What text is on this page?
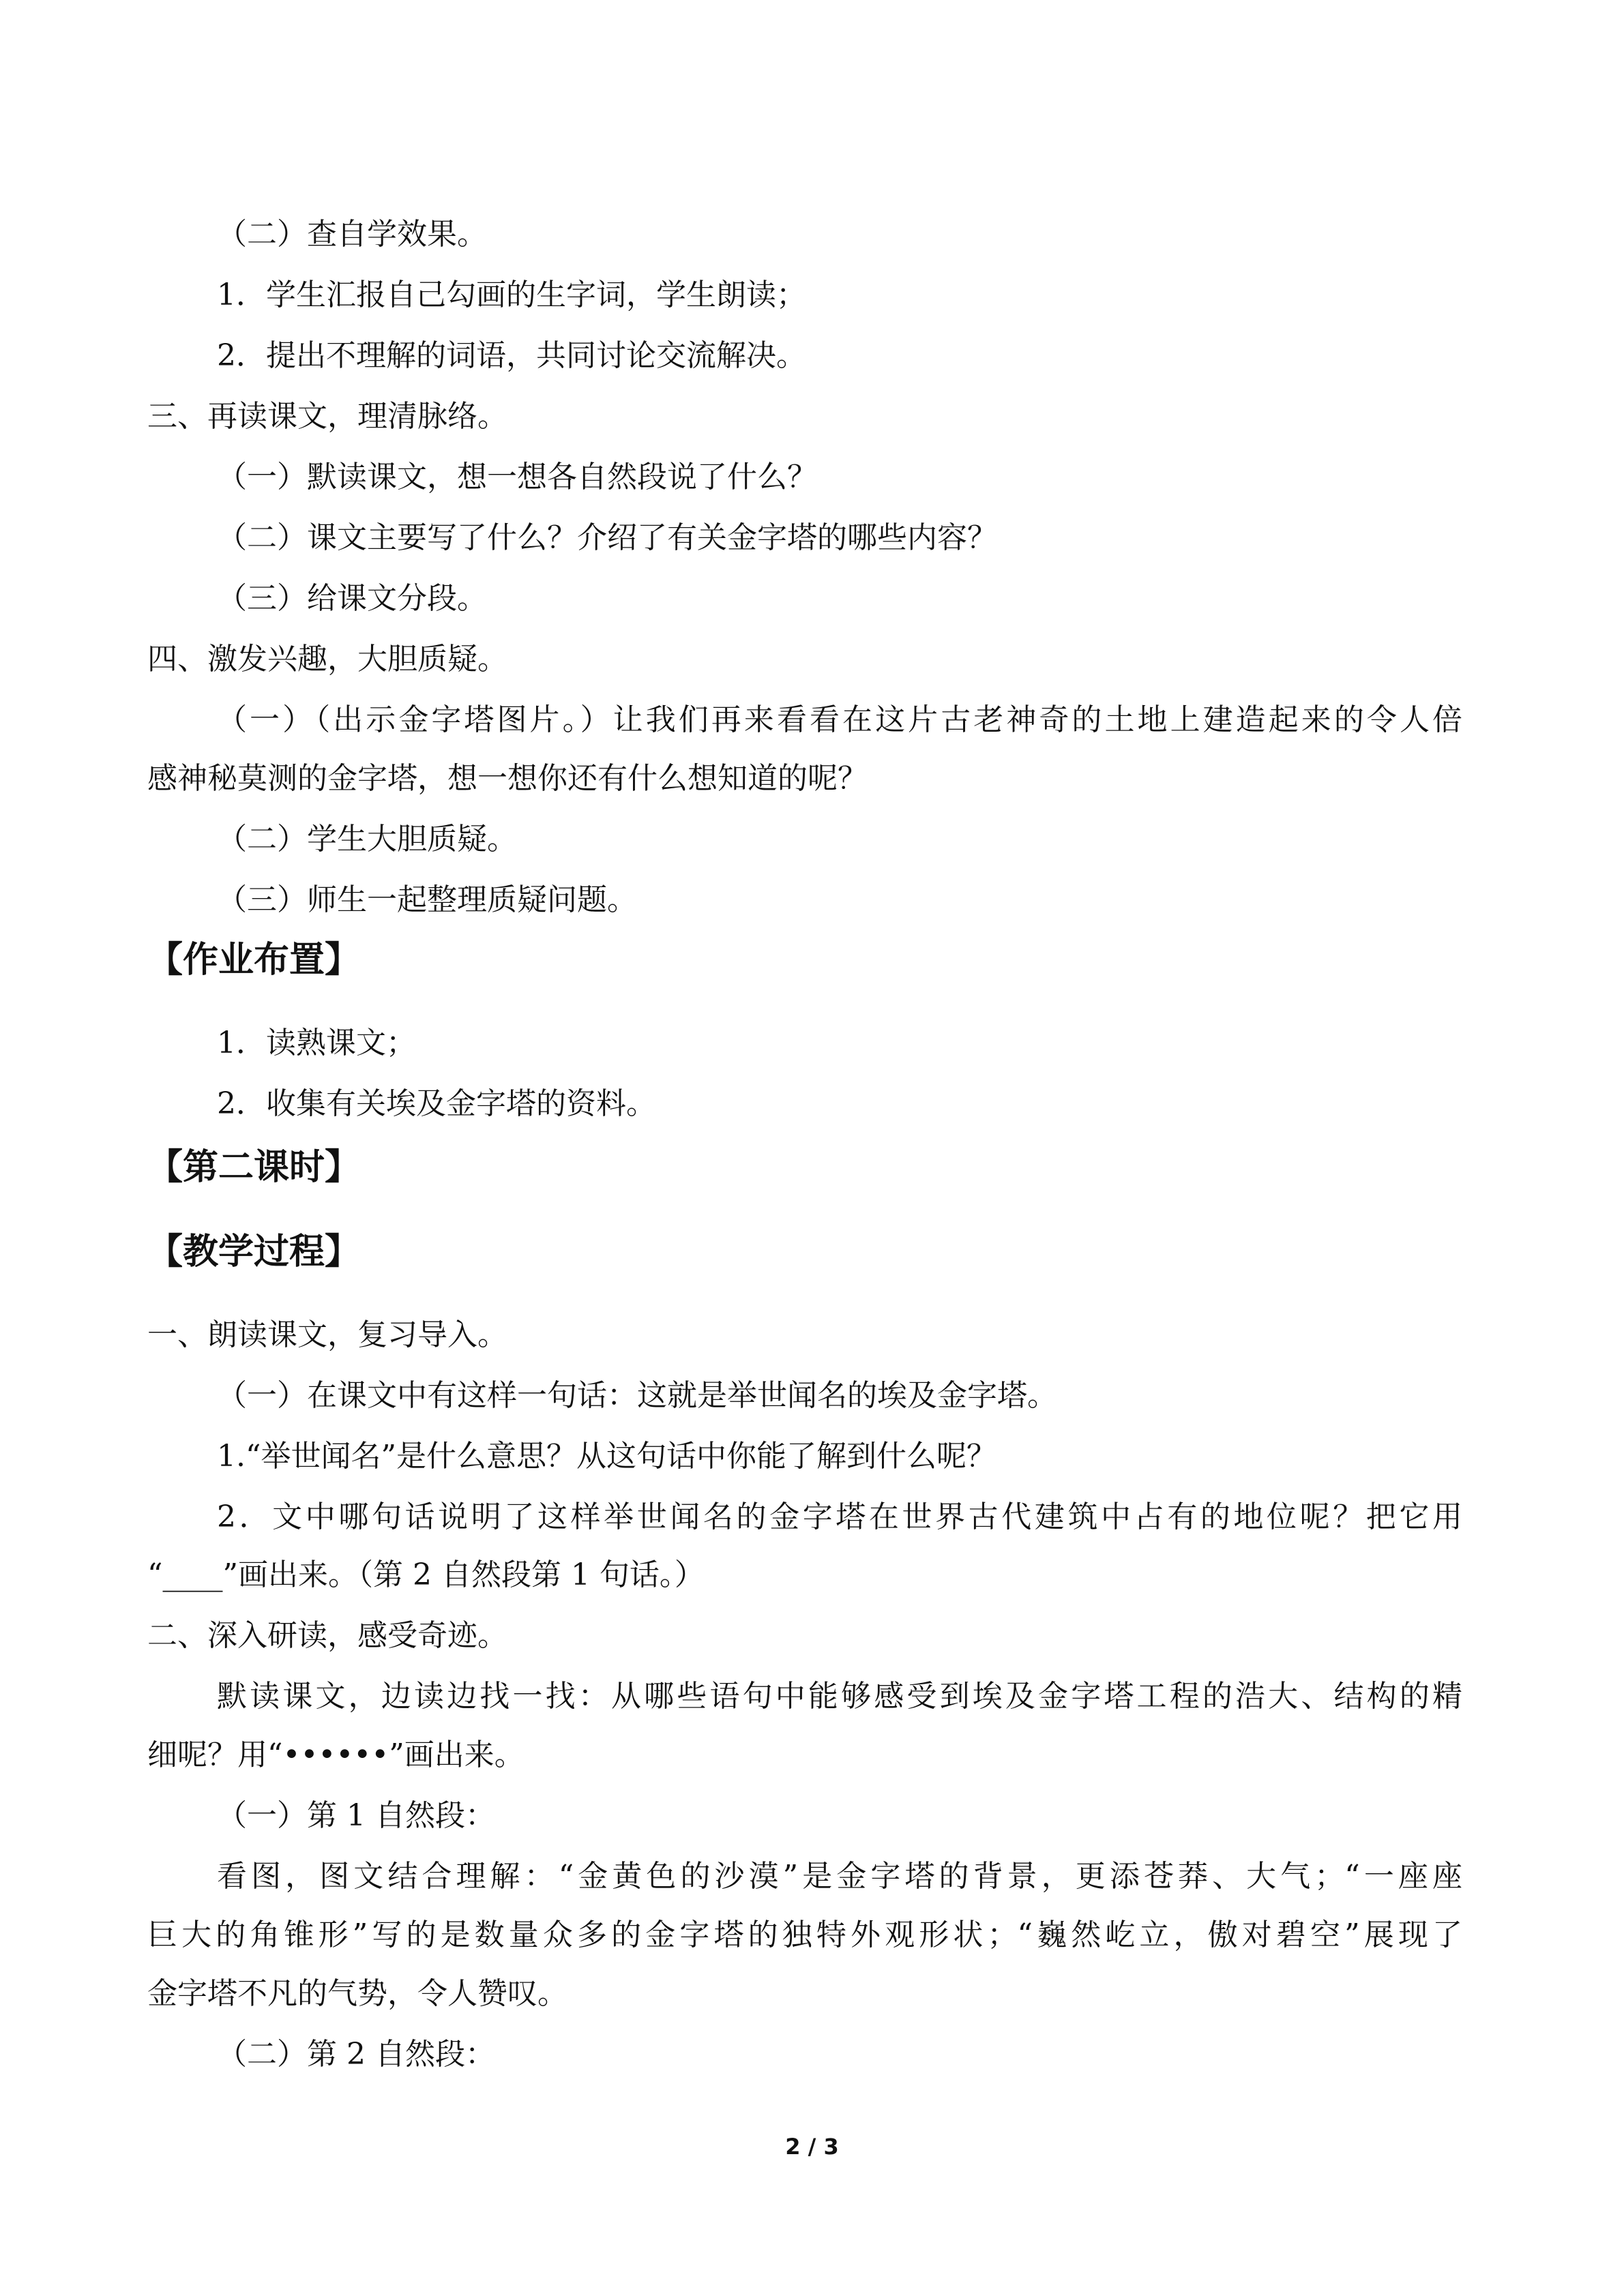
（二）查自学效果。
1．学生汇报自己勾画的生字词，学生朗读；
2．提出不理解的词语，共同讨论交流解决。
三、再读课文，理清脉络。
（一）默读课文，想一想各自然段说了什么？
（二）课文主要写了什么？介绍了有关金字塔的哪些内容？
（三）给课文分段。
四、激发兴趣，大胆质疑。
（一）（出示金字塔图片。）让我们再来看看在这片古老神奇的土地上建造起来的令人倍
感神秘莫测的金字塔，想一想你还有什么想知道的呢？
（二）学生大胆质疑。
（三）师生一起整理质疑问题。
【作业布置】
1．读熟课文；
2．收集有关埃及金字塔的资料。
【第二课时】
【教学过程】
一、朗读课文，复习导入。
（一）在课文中有这样一句话：这就是举世闻名的埃及金字塔。
1.“举世闻名”是什么意思？从这句话中你能了解到什么呢？
2．文中哪句话说明了这样举世闻名的金字塔在世界古代建筑中占有的地位呢？把它用
“____”画出来。（第 2 自然段第 1 句话。）
二、深入研读，感受奇迹。
默读课文，边读边找一找：从哪些语句中能够感受到埃及金字塔工程的浩大、结构的精
细呢？用“••••••”画出来。
（一）第 1 自然段：
看图，图文结合理解：“金黄色的沙漠”是金字塔的背景，更添苍莽、大气；“一座座
巨大的角锥形”写的是数量众多的金字塔的独特外观形状；“巍然屹立，傲对碧空”展现了
金字塔不凡的气势，令人赞叹。
（二）第 2 自然段：
2 / 3
